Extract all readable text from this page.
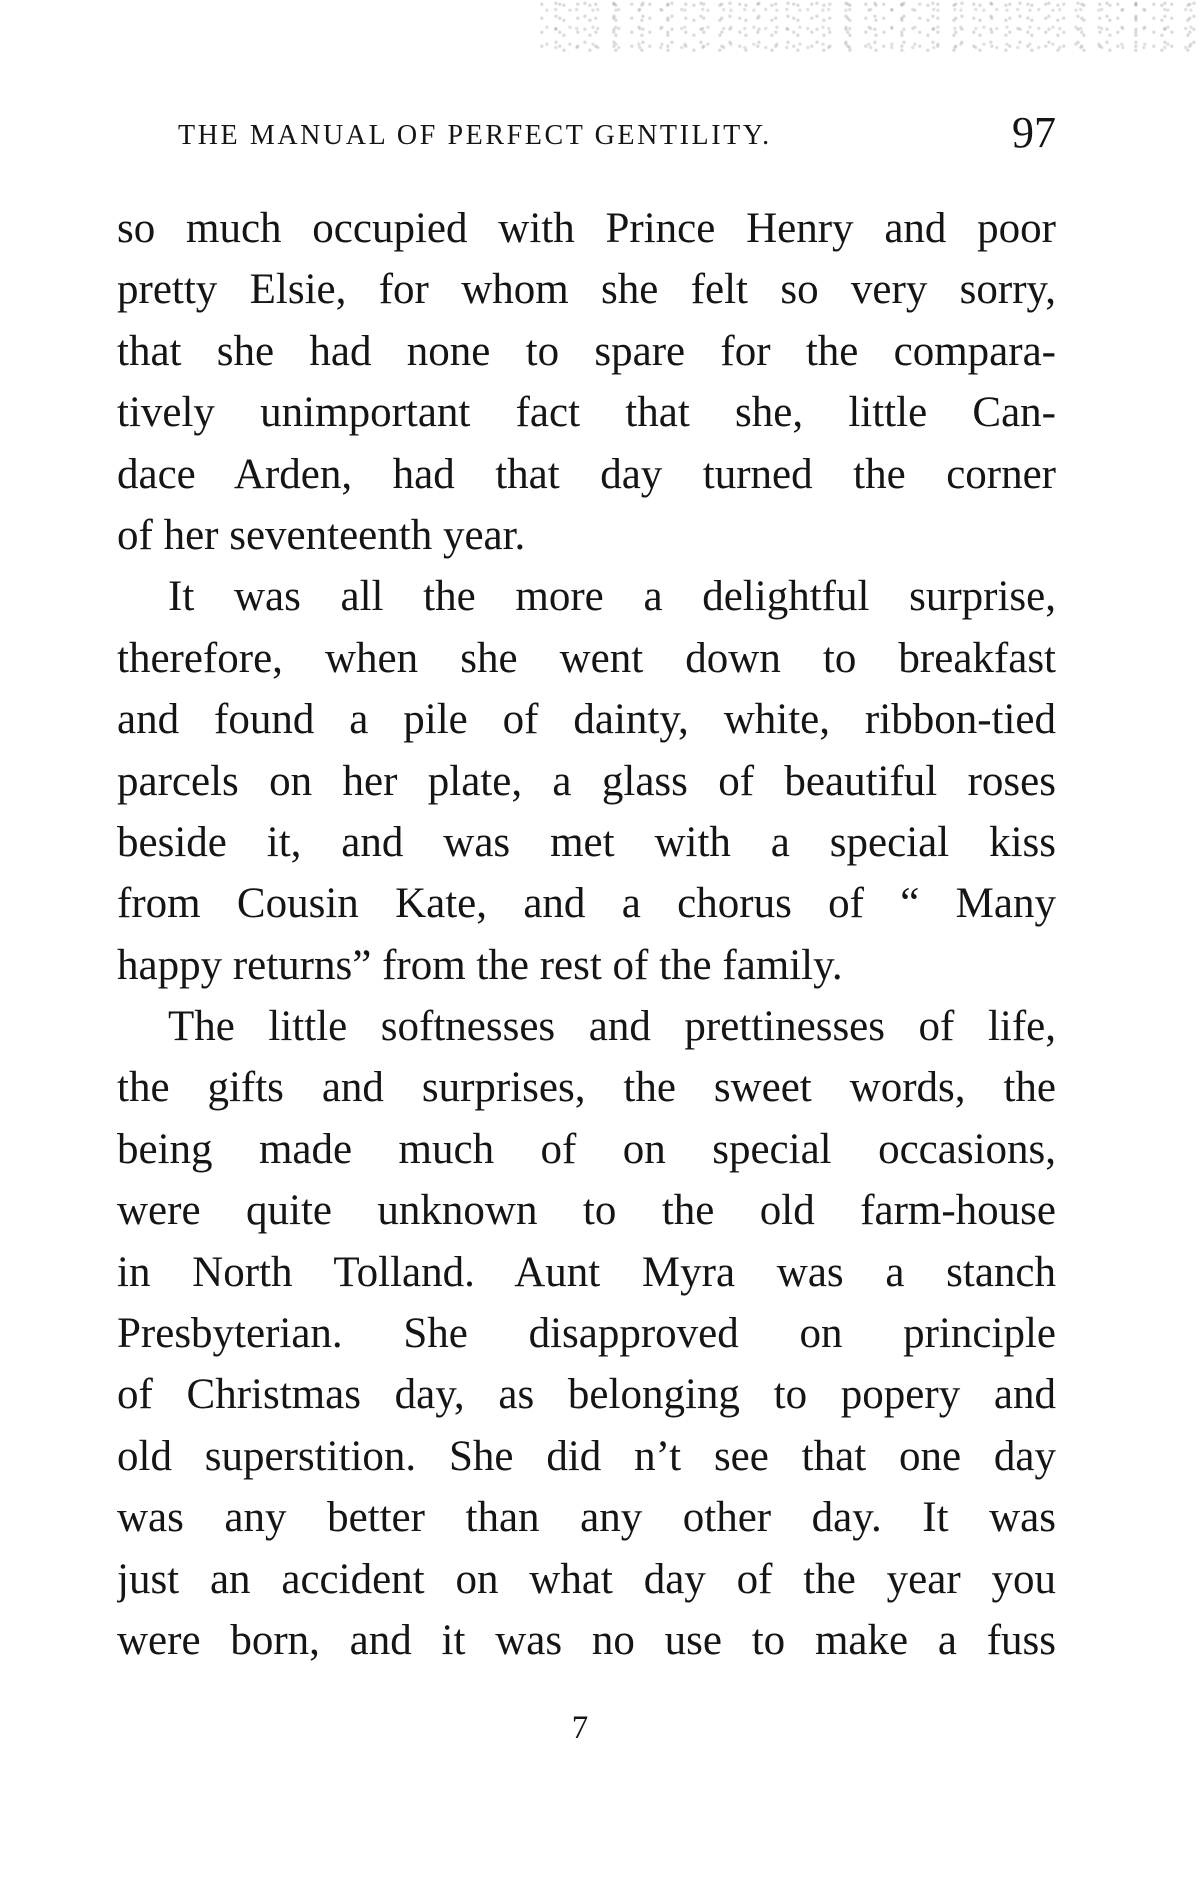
THE MANUAL OF PERFECT GENTILITY.	97
so much occupied with Prince Henry and poor
pretty Elsie, for whom she felt so very sorry,
that she had none to spare for the compara-
tively unimportant fact that she, little Can-
dace Arden, had that day turned the corner
of her seventeenth year.
It was all the more a delightful surprise,
therefore, when she went down to breakfast
and found a pile of dainty, white, ribbon-tied
parcels on her plate, a glass of beautiful roses
beside it, and was met with a special kiss
from Cousin Kate, and a chorus of “ Many
happy returns” from the rest of the family.
The little softnesses and prettinesses of life,
the gifts and surprises, the sweet words, the
being made much of on special occasions,
were quite unknown to the old farm-house
in North Tolland. Aunt Myra was a stanch
Presbyterian. She disapproved on principle
of Christmas day, as belonging to popery and
old superstition. She did n’t see that one day
was any better than any other day. It was
just an accident on what day of the year you
were born, and it was no use to make a fuss
7
